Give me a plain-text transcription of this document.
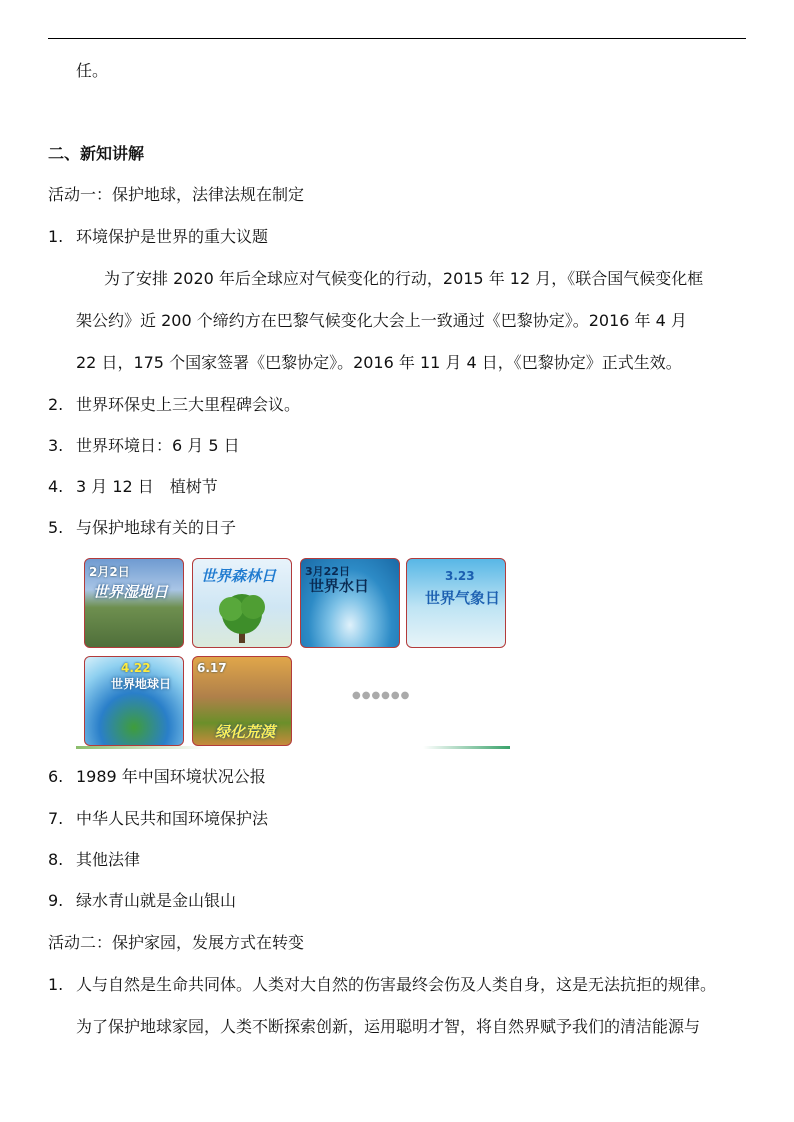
任。
二、新知讲解
活动一：保护地球，法律法规在制定
1. 环境保护是世界的重大议题
为了安排 2020 年后全球应对气候变化的行动，2015 年 12 月，《联合国气候变化框
架公约》近 200 个缔约方在巴黎气候变化大会上一致通过《巴黎协定》。2016 年 4 月
22 日，175 个国家签署《巴黎协定》。2016 年 11 月 4 日，《巴黎协定》正式生效。
2. 世界环保史上三大里程碑会议。
3. 世界环境日：6 月 5 日
4. 3 月 12 日　植树节
5. 与保护地球有关的日子
2月2日
世界湿地日
世界森林日	3月22日
世界水日
3.23
世界气象日
4.22
世界地球日
6.17
绿化荒漠
●●●●●●
6. 1989 年中国环境状况公报
7. 中华人民共和国环境保护法
8. 其他法律
9. 绿水青山就是金山银山
活动二：保护家园，发展方式在转变
1. 人与自然是生命共同体。人类对大自然的伤害最终会伤及人类自身，这是无法抗拒的规律。
为了保护地球家园，人类不断探索创新，运用聪明才智，将自然界赋予我们的清洁能源与
